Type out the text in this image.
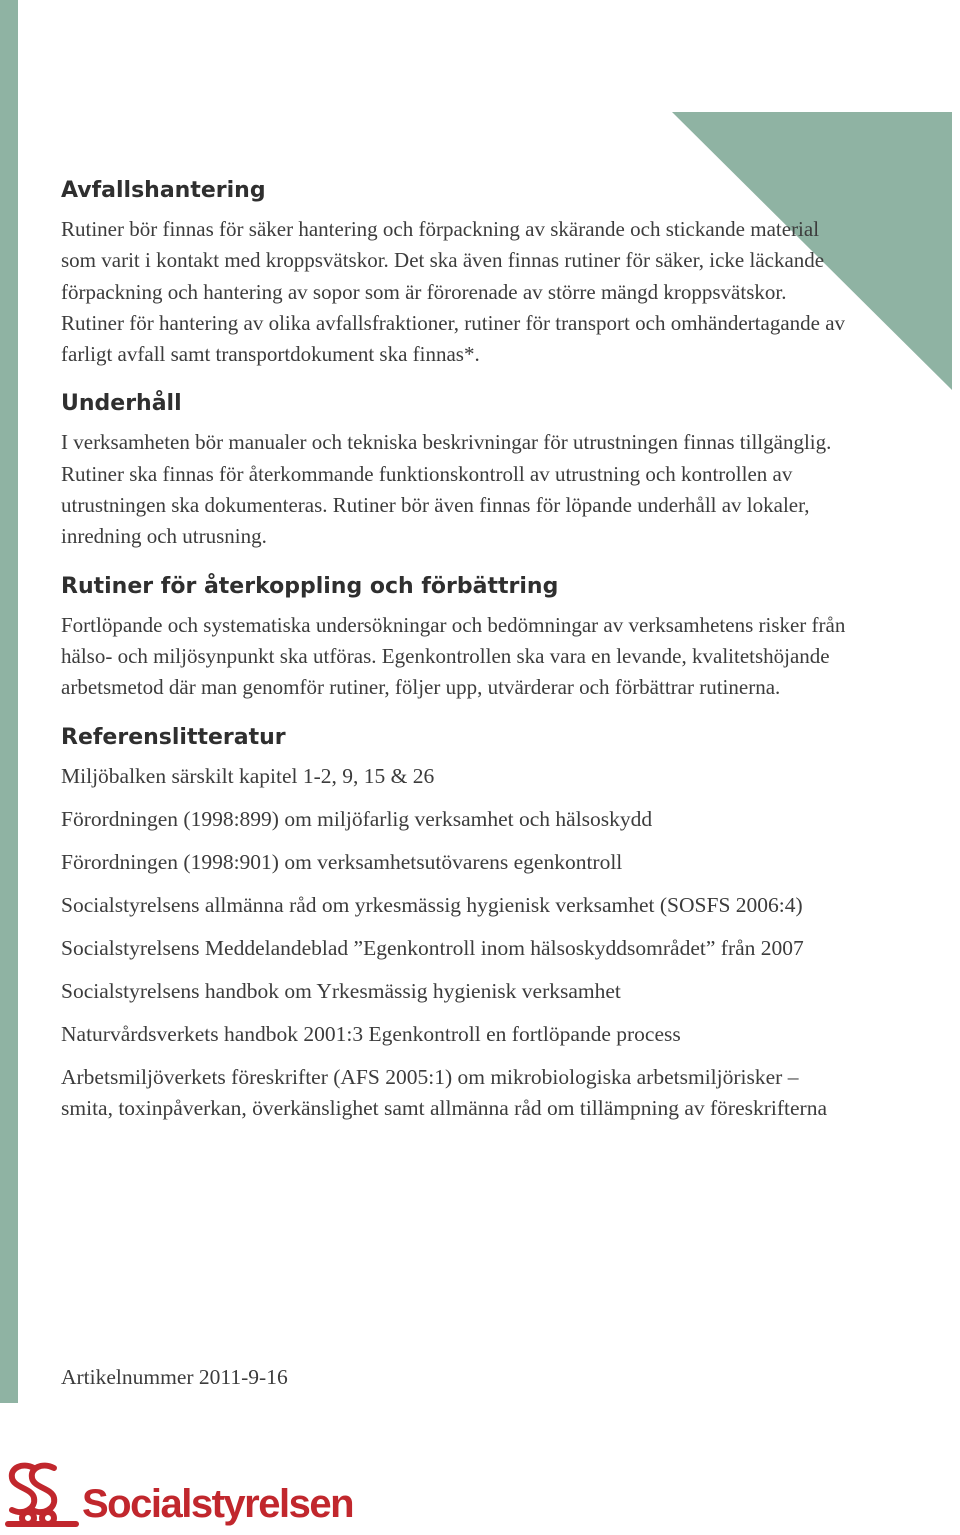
Avfallshantering

Rutiner bör finnas för säker hantering och förpackning av skärande och stickande material som varit i kontakt med kroppsvätskor. Det ska även finnas rutiner för säker, icke läckande förpackning och hantering av sopor som är förorenade av större mängd kroppsvätskor. Rutiner för hantering av olika avfallsfraktioner, rutiner för transport och omhändertagande av farligt avfall samt transportdokument ska finnas*.

Underhåll

I verksamheten bör manualer och tekniska beskrivningar för utrustningen finnas tillgänglig. Rutiner ska finnas för återkommande funktionskontroll av utrustning och kontrollen av utrustningen ska dokumenteras. Rutiner bör även finnas för löpande underhåll av lokaler, inredning och utrusning.

Rutiner för återkoppling och förbättring

Fortlöpande och systematiska undersökningar och bedömningar av verksamhetens risker från hälso- och miljösynpunkt ska utföras. Egenkontrollen ska vara en levande, kvalitetshöjande arbetsmetod där man genomför rutiner, följer upp, utvärderar och förbättrar rutinerna.

Referenslitteratur
Miljöbalken särskilt kapitel 1-2, 9, 15 & 26
Förordningen (1998:899) om miljöfarlig verksamhet och hälsoskydd
Förordningen (1998:901) om verksamhetsutövarens egenkontroll
Socialstyrelsens allmänna råd om yrkesmässig hygienisk verksamhet (SOSFS 2006:4)
Socialstyrelsens Meddelandeblad ”Egenkontroll inom hälsoskyddsområdet” från 2007
Socialstyrelsens handbok om Yrkesmässig hygienisk verksamhet
Naturvårdsverkets handbok 2001:3 Egenkontroll en fortlöpande process
Arbetsmiljöverkets föreskrifter (AFS 2005:1) om mikrobiologiska arbetsmiljörisker – smita, toxinpåverkan, överkänslighet samt allmänna råd om tillämpning av föreskrifterna
Artikelnummer 2011-9-16
Socialstyrelsen
